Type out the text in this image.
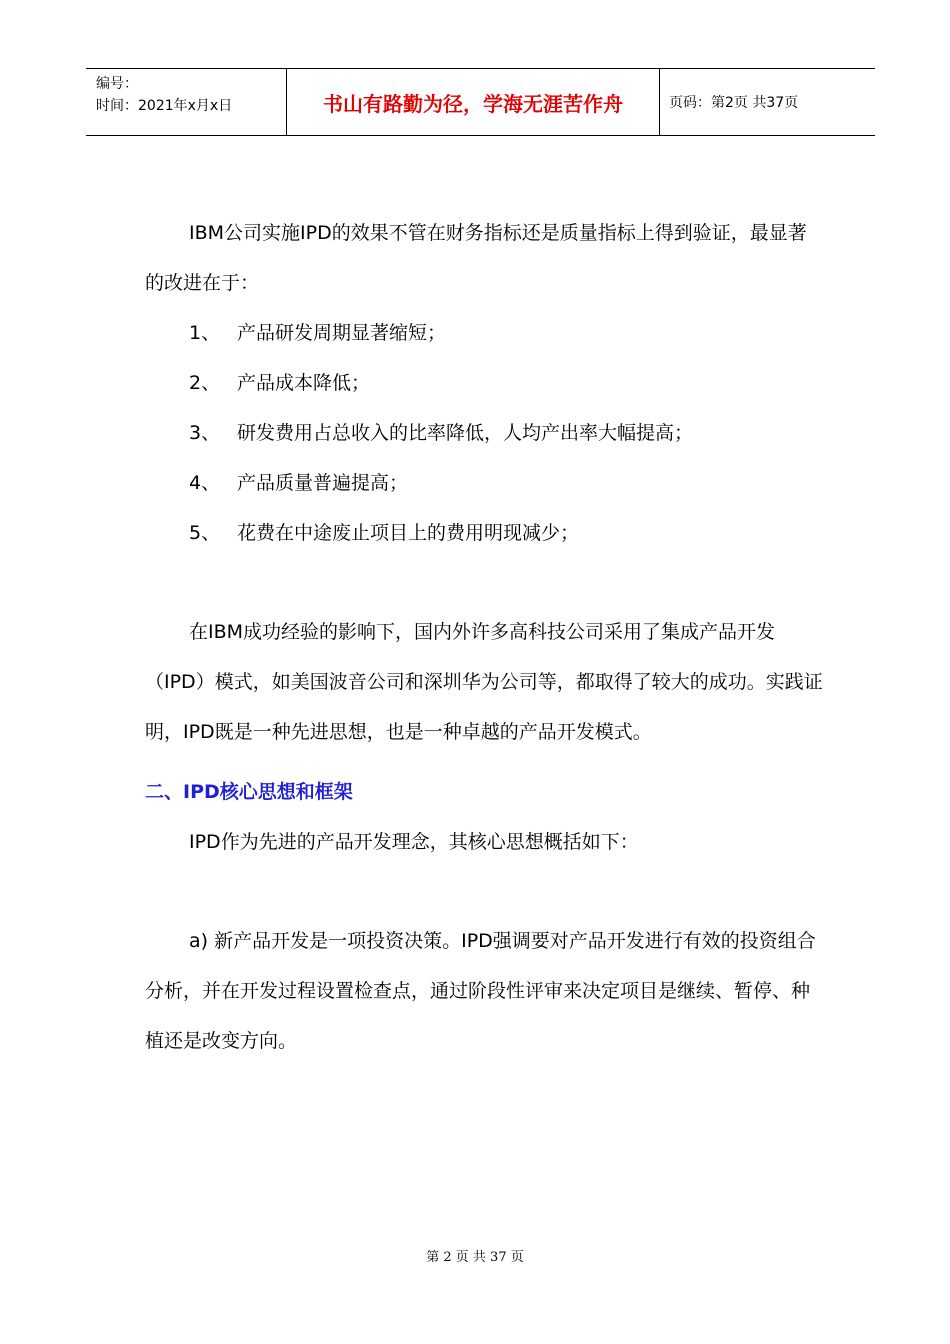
编号：
时间：2021年x月x日	书山有路勤为径，学海无涯苦作舟	页码：第2页 共37页

IBM公司实施IPD的效果不管在财务指标还是质量指标上得到验证，最显著的改进在于：

1、 产品研发周期显著缩短；
2、 产品成本降低；
3、 研发费用占总收入的比率降低，人均产出率大幅提高；
4、 产品质量普遍提高；
5、 花费在中途废止项目上的费用明现减少；

在IBM成功经验的影响下，国内外许多高科技公司采用了集成产品开发（IPD）模式，如美国波音公司和深圳华为公司等，都取得了较大的成功。实践证明，IPD既是一种先进思想，也是一种卓越的产品开发模式。

二、IPD核心思想和框架

IPD作为先进的产品开发理念，其核心思想概括如下：

a) 新产品开发是一项投资决策。IPD强调要对产品开发进行有效的投资组合分析，并在开发过程设置检查点，通过阶段性评审来决定项目是继续、暂停、种植还是改变方向。

第 2 页 共 37 页
